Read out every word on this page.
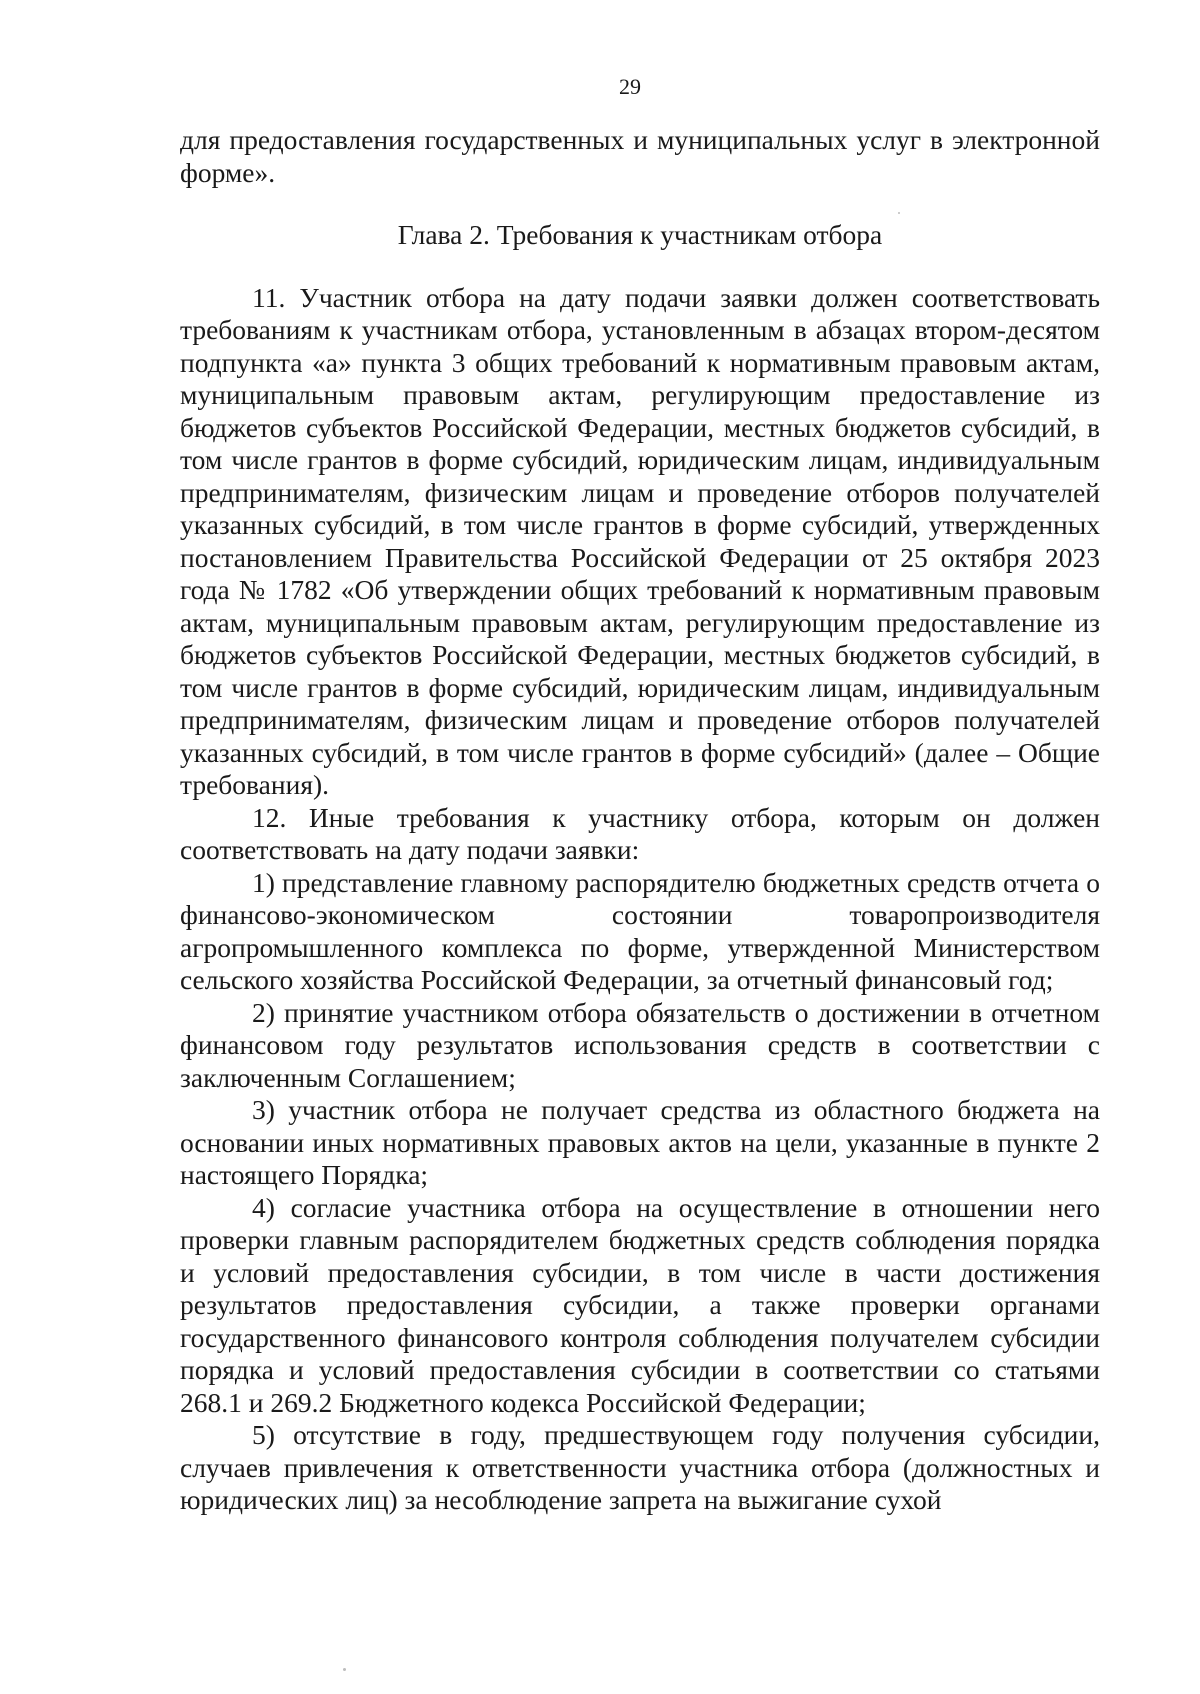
29

для предоставления государственных и муниципальных услуг в электронной форме».

Глава 2. Требования к участникам отбора

11. Участник отбора на дату подачи заявки должен соответствовать требованиям к участникам отбора, установленным в абзацах втором-десятом подпункта «а» пункта 3 общих требований к нормативным правовым актам, муниципальным правовым актам, регулирующим предоставление из бюджетов субъектов Российской Федерации, местных бюджетов субсидий, в том числе грантов в форме субсидий, юридическим лицам, индивидуальным предпринимателям, физическим лицам и проведение отборов получателей указанных субсидий, в том числе грантов в форме субсидий, утвержденных постановлением Правительства Российской Федерации от 25 октября 2023 года № 1782 «Об утверждении общих требований к нормативным правовым актам, муниципальным правовым актам, регулирующим предоставление из бюджетов субъектов Российской Федерации, местных бюджетов субсидий, в том числе грантов в форме субсидий, юридическим лицам, индивидуальным предпринимателям, физическим лицам и проведение отборов получателей указанных субсидий, в том числе грантов в форме субсидий» (далее – Общие требования).

12. Иные требования к участнику отбора, которым он должен соответствовать на дату подачи заявки:

1) представление главному распорядителю бюджетных средств отчета о финансово-экономическом состоянии товаропроизводителя агропромышленного комплекса по форме, утвержденной Министерством сельского хозяйства Российской Федерации, за отчетный финансовый год;

2) принятие участником отбора обязательств о достижении в отчетном финансовом году результатов использования средств в соответствии с заключенным Соглашением;

3) участник отбора не получает средства из областного бюджета на основании иных нормативных правовых актов на цели, указанные в пункте 2 настоящего Порядка;

4) согласие участника отбора на осуществление в отношении него проверки главным распорядителем бюджетных средств соблюдения порядка и условий предоставления субсидии, в том числе в части достижения результатов предоставления субсидии, а также проверки органами государственного финансового контроля соблюдения получателем субсидии порядка и условий предоставления субсидии в соответствии со статьями 268.1 и 269.2 Бюджетного кодекса Российской Федерации;

5) отсутствие в году, предшествующем году получения субсидии, случаев привлечения к ответственности участника отбора (должностных и юридических лиц) за несоблюдение запрета на выжигание сухой
